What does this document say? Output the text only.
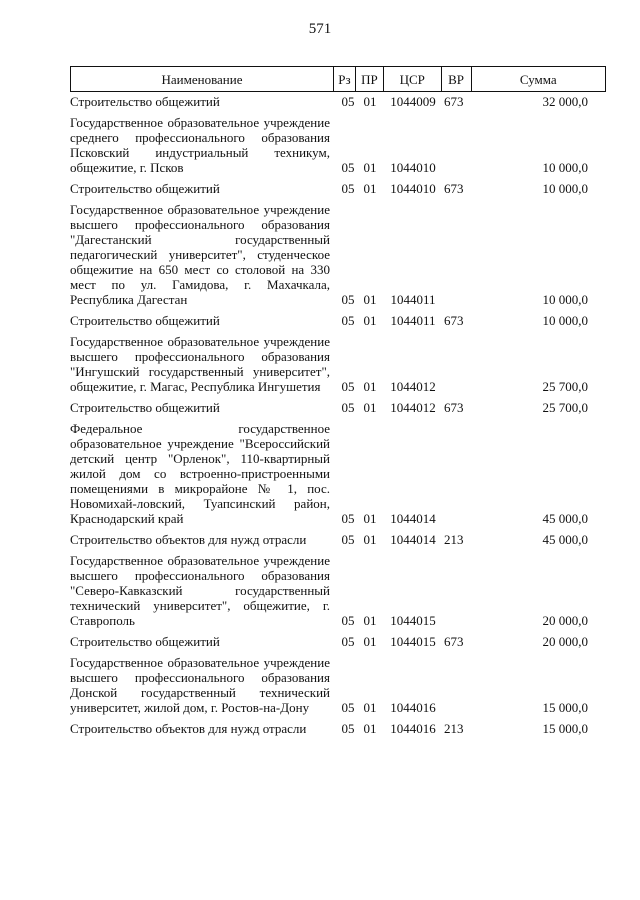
571
Наименование	Рз ПР	ЦСР	ВР	Сумма
Строительство общежитий	05 01	1044009 673	32 000,0
Государственное образовательное учреждение среднего профессионального образования Псковский индустриальный техникум, общежитие, г. Псков	05 01	1044010	10 000,0
Строительство общежитий	05 01	1044010 673	10 000,0
Государственное образовательное учреждение высшего профессионального образования "Дагестанский государственный педагогический университет", студенческое общежитие на 650 мест со столовой на 330 мест по ул. Гамидова, г. Махачкала, Республика Дагестан	05 01	1044011	10 000,0
Строительство общежитий	05 01	1044011 673	10 000,0
Государственное образовательное учреждение высшего профессионального образования "Ингушский государственный университет", общежитие, г. Магас, Республика Ингушетия	05 01	1044012	25 700,0
Строительство общежитий	05 01	1044012 673	25 700,0
Федеральное государственное образовательное учреждение "Всероссийский детский центр "Орленок", 110-квартирный жилой дом со встроенно-пристроенными помещениями в микрорайоне № 1, пос. Новомихай-ловский, Туапсинский район, Краснодарский край	05 01	1044014	45 000,0
Строительство объектов для нужд отрасли	05 01	1044014 213	45 000,0
Государственное образовательное учреждение высшего профессионального образования "Северо-Кавказский государственный технический университет", общежитие, г. Ставрополь	05 01	1044015	20 000,0
Строительство общежитий	05 01	1044015 673	20 000,0
Государственное образовательное учреждение высшего профессионального образования Донской государственный технический университет, жилой дом, г. Ростов-на-Дону	05 01	1044016	15 000,0
Строительство объектов для нужд отрасли	05 01	1044016 213	15 000,0
